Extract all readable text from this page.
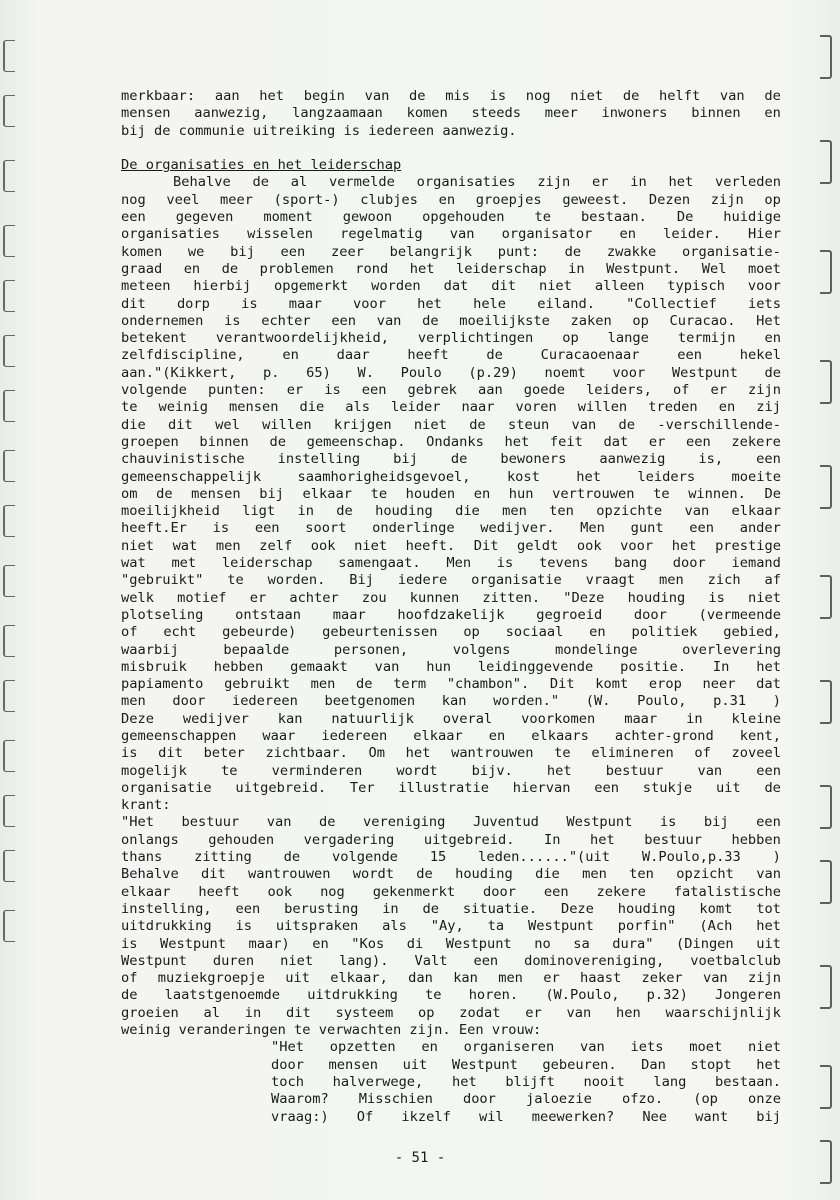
merkbaar: aan het begin van de mis is nog niet de helft van de
mensen aanwezig, langzaamaan komen steeds meer inwoners binnen en
bij de communie uitreiking is iedereen aanwezig.
De organisaties en het leiderschap
Behalve de al vermelde organisaties zijn er in het verleden
nog veel meer (sport-) clubjes en groepjes geweest. Dezen zijn op
een gegeven moment gewoon opgehouden te bestaan. De huidige
organisaties wisselen regelmatig van organisator en leider. Hier
komen we bij een zeer belangrijk punt: de zwakke organisatie-
graad en de problemen rond het leiderschap in Westpunt. Wel moet
meteen hierbij opgemerkt worden dat dit niet alleen typisch voor
dit dorp is maar voor het hele eiland. "Collectief iets
ondernemen is echter een van de moeilijkste zaken op Curacao. Het
betekent verantwoordelijkheid, verplichtingen op lange termijn en
zelfdiscipline,	en	daar	heeft	de	Curacaoenaar	een	hekel
aan."(Kikkert, p. 65) W. Poulo (p.29) noemt voor Westpunt de
volgende punten: er is een gebrek aan goede leiders, of er zijn
te weinig mensen die als leider naar voren willen treden en zij
die dit wel willen krijgen niet de steun van de -verschillende-
groepen binnen de gemeenschap. Ondanks het feit dat er een zekere
chauvinistische instelling bij de bewoners aanwezig is, een
gemeenschappelijk	saamhorigheidsgevoel,	kost	het	leiders	moeite
om de mensen bij elkaar te houden en hun vertrouwen te winnen. De
moeilijkheid ligt in de houding die men ten opzichte van elkaar
heeft.Er is een soort onderlinge wedijver. Men gunt een ander
niet wat men zelf ook niet heeft. Dit geldt ook voor het prestige
wat met leiderschap samengaat. Men is tevens bang door iemand
"gebruikt" te worden. Bij iedere organisatie vraagt men zich af
welk motief er achter zou kunnen zitten. "Deze houding is niet
plotseling ontstaan maar hoofdzakelijk gegroeid door (vermeende
of echt gebeurde) gebeurtenissen op sociaal en politiek gebied,
waarbij	bepaalde	personen,	volgens	mondelinge	overlevering
misbruik hebben gemaakt van hun leidinggevende positie. In het
papiamento gebruikt men de term "chambon". Dit komt erop neer dat
men door iedereen beetgenomen kan worden." (W. Poulo, p.31 )
Deze wedijver kan natuurlijk overal voorkomen maar in kleine
gemeenschappen waar iedereen elkaar en elkaars achter-grond kent,
is dit beter zichtbaar. Om het wantrouwen te elimineren of zoveel
mogelijk te verminderen wordt bijv. het bestuur van een
organisatie uitgebreid. Ter illustratie hiervan een stukje uit de
krant:
"Het bestuur van de vereniging Juventud Westpunt is bij een
onlangs gehouden vergadering uitgebreid. In het bestuur hebben
thans zitting de volgende 15 leden......"(uit W.Poulo,p.33 )
Behalve dit wantrouwen wordt de houding die men ten opzicht van
elkaar heeft ook nog gekenmerkt door een zekere fatalistische
instelling, een berusting in de situatie. Deze houding komt tot
uitdrukking is uitspraken als "Ay, ta Westpunt porfin" (Ach het
is Westpunt maar) en "Kos di Westpunt no sa dura" (Dingen uit
Westpunt duren niet lang). Valt een dominovereniging, voetbalclub
of muziekgroepje uit elkaar, dan kan men er haast zeker van zijn
de laatstgenoemde uitdrukking te horen. (W.Poulo, p.32) Jongeren
groeien al in dit systeem op zodat er van hen waarschijnlijk
weinig veranderingen te verwachten zijn. Een vrouw:
"Het opzetten en organiseren van iets moet niet
door mensen uit Westpunt gebeuren. Dan stopt het
toch halverwege, het blijft nooit lang bestaan.
Waarom? Misschien door jaloezie ofzo. (op onze
vraag:) Of ikzelf wil meewerken? Nee want bij
- 51 -
